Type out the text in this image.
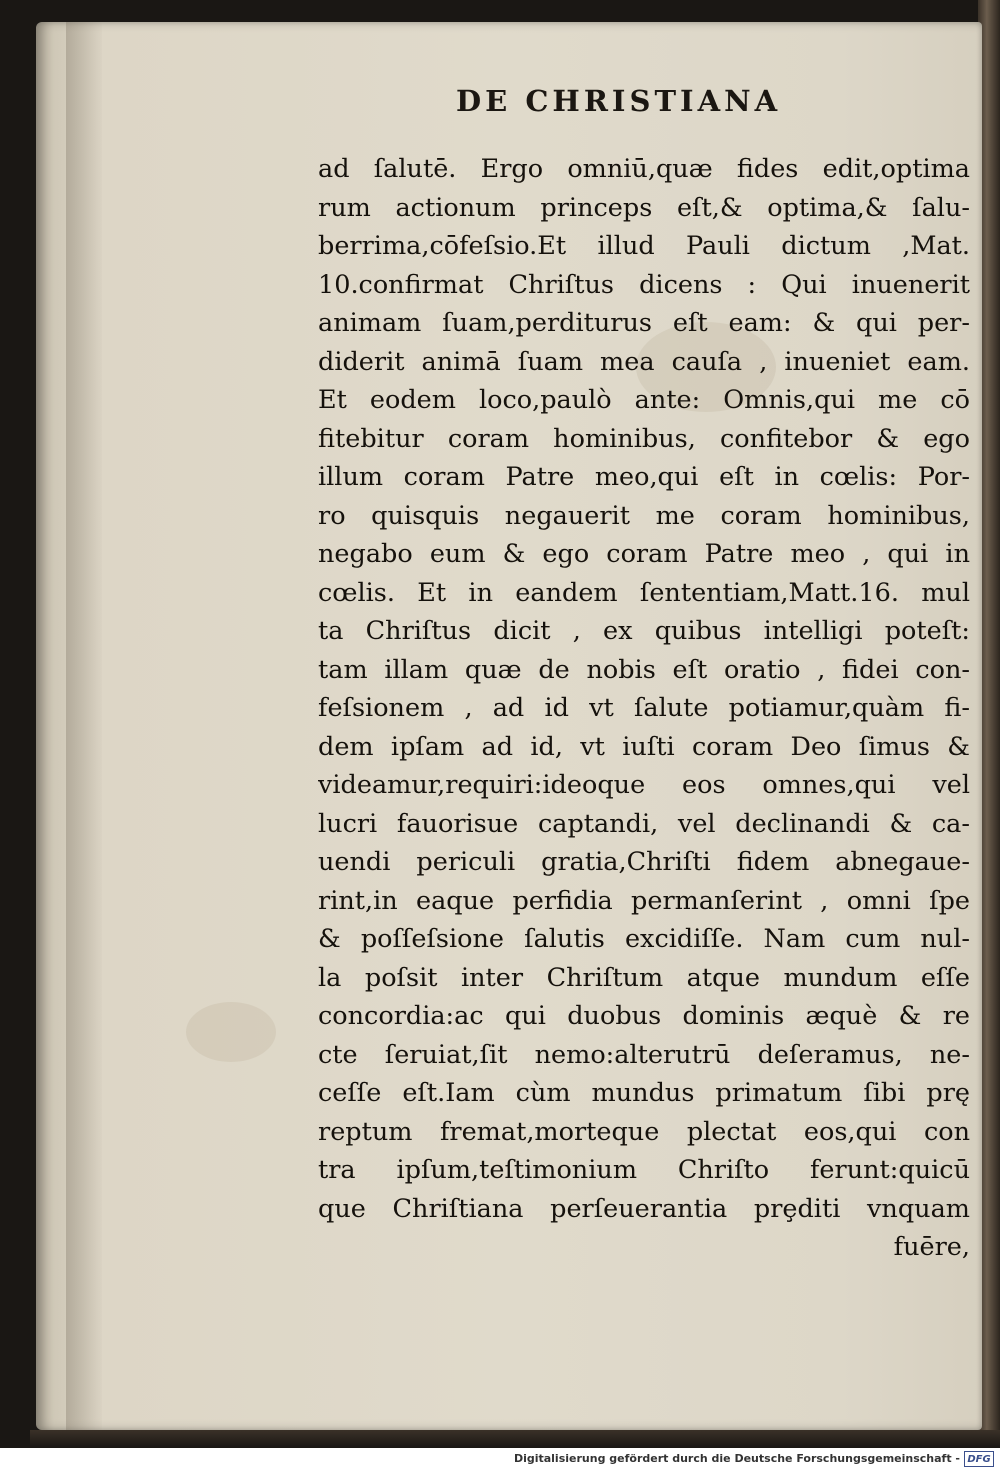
DE CHRISTIANA
ad ſalutē. Ergo omniū,quæ fides edit,optima
rum actionum princeps eſt,& optima,& ſalu-
berrima,cōfeſsio.Et illud Pauli dictum ,Mat.
10.confirmat Chriſtus dicens : Qui inuenerit
animam ſuam,perditurus eſt eam: & qui per-
diderit animā ſuam mea cauſa , inueniet eam.
Et eodem loco,paulò ante: Omnis,qui me cō
fitebitur coram hominibus, confitebor & ego
illum coram Patre meo,qui eſt in cœlis: Por-
ro quisquis negauerit me coram hominibus,
negabo eum & ego coram Patre meo , qui in
cœlis. Et in eandem ſententiam,Matt.16. mul
ta Chriſtus dicit , ex quibus intelligi poteſt:
tam illam quæ de nobis eſt oratio , fidei con-
feſsionem , ad id vt ſalute potiamur,quàm fi-
dem ipſam ad id, vt iuſti coram Deo ſimus &
videamur,requiri:ideoque eos omnes,qui vel
lucri fauorisue captandi, vel declinandi & ca-
uendi periculi gratia,Chriſti fidem abnegaue-
rint,in eaque perfidia permanſerint , omni ſpe
& poſſeſsione ſalutis excidiſſe. Nam cum nul-
la poſsit inter Chriſtum atque mundum eſſe
concordia:ac qui duobus dominis æquè & re
cte ſeruiat,ſit nemo:alterutrū deſeramus, ne-
ceſſe eſt.Iam cùm mundus primatum ſibi prę
reptum fremat,morteque plectat eos,qui con
tra ipſum,teſtimonium Chriſto ferunt:quicū
que Chriſtiana perſeuerantia prȩditi vnquam
fuēre,
Digitalisierung gefördert durch die Deutsche Forschungsgemeinschaft - DFG
